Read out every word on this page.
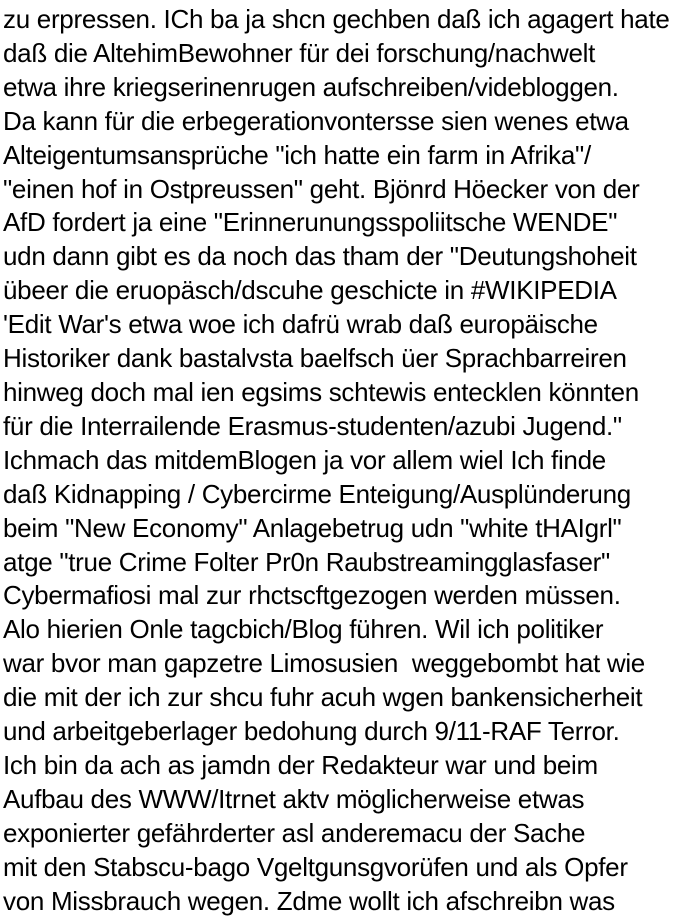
zu erpressen. ICh ba ja shcn gechben daß ich agagert hate
daß die AltehimBewohner für dei forschung/nachwelt
etwa ihre kriegserinenrugen aufschreiben/videbloggen.
Da kann für die erbegerationvontersse sien wenes etwa
Alteigentumsansprüche "ich hatte ein farm in Afrika"/
"einen hof in Ostpreussen" geht. Bjönrd Höecker von der
AfD fordert ja eine "Erinnerunungsspoliitsche WENDE"
udn dann gibt es da noch das tham der "Deutungshoheit
übeer die eruopäsch/dscuhe geschicte in #WIKIPEDIA
'Edit War's etwa woe ich dafrü wrab daß europäische
Historiker dank bastalvsta baelfsch üer Sprachbarreiren
hinweg doch mal ien egsims schtewis entecklen könnten
für die Interrailende Erasmus-studenten/azubi Jugend."
Ichmach das mitdemBlogen ja vor allem wiel Ich finde
daß Kidnapping / Cybercirme Enteigung/Ausplünderung
beim "New Economy" Anlagebetrug udn "white tHAIgrl"
atge "true Crime Folter Pr0n Raubstreamingglasfaser"
Cybermafiosi mal zur rhctscftgezogen werden müssen.
Alo hierien Onle tagcbich/Blog führen. Wil ich politiker
war bvor man gapzetre Limosusien  weggebombt hat wie
die mit der ich zur shcu fuhr acuh wgen bankensicherheit
und arbeitgeberlager bedohung durch 9/11-RAF Terror.
Ich bin da ach as jamdn der Redakteur war und beim
Aufbau des WWW/Itrnet aktv möglicherweise etwas
exponierter gefährderter asl anderemacu der Sache
mit den Stabscu-bago Vgeltgunsgvorüfen und als Opfer
von Missbrauch wegen. Zdme wollt ich afschreibn was
